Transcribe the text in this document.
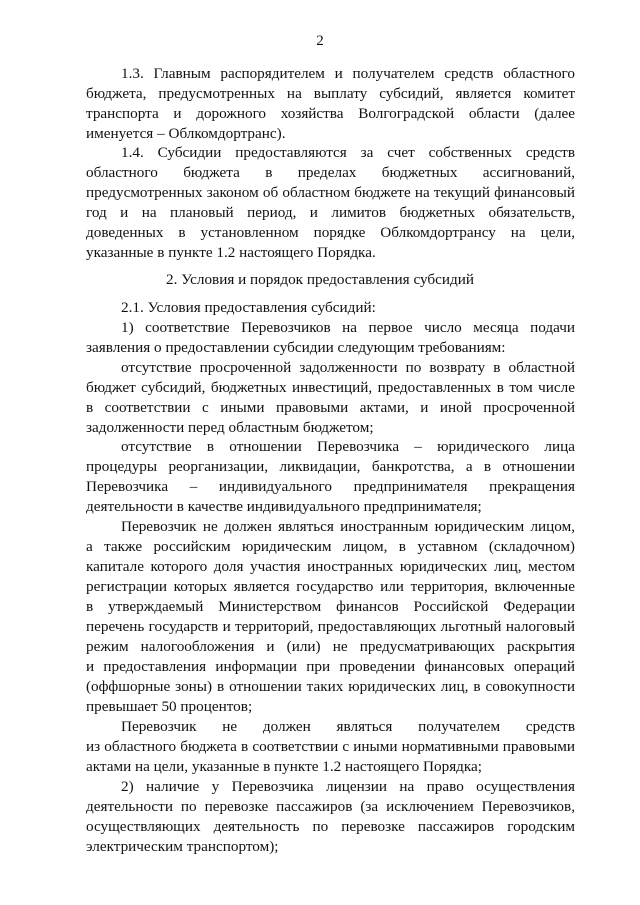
2
1.3. Главным распорядителем и получателем средств областного
бюджета, предусмотренных на выплату субсидий, является комитет
транспорта и дорожного хозяйства Волгоградской области (далее
именуется – Облкомдортранс).
1.4. Субсидии предоставляются за счет собственных средств
областного бюджета в пределах бюджетных ассигнований,
предусмотренных законом об областном бюджете на текущий финансовый
год и на плановый период, и лимитов бюджетных обязательств,
доведенных в установленном порядке Облкомдортрансу на цели,
указанные в пункте 1.2 настоящего Порядка.
2. Условия и порядок предоставления субсидий
2.1. Условия предоставления субсидий:
1) соответствие Перевозчиков на первое число месяца подачи
заявления о предоставлении субсидии следующим требованиям:
отсутствие просроченной задолженности по возврату в областной
бюджет субсидий, бюджетных инвестиций, предоставленных в том числе
в соответствии с иными правовыми актами, и иной просроченной
задолженности перед областным бюджетом;
отсутствие в отношении Перевозчика – юридического лица
процедуры реорганизации, ликвидации, банкротства, а в отношении
Перевозчика – индивидуального предпринимателя прекращения
деятельности в качестве индивидуального предпринимателя;
Перевозчик не должен являться иностранным юридическим лицом,
а также российским юридическим лицом, в уставном (складочном)
капитале которого доля участия иностранных юридических лиц, местом
регистрации которых является государство или территория, включенные
в утверждаемый Министерством финансов Российской Федерации
перечень государств и территорий, предоставляющих льготный налоговый
режим налогообложения и (или) не предусматривающих раскрытия
и предоставления информации при проведении финансовых операций
(оффшорные зоны) в отношении таких юридических лиц, в совокупности
превышает 50 процентов;
Перевозчик не должен являться получателем средств
из областного бюджета в соответствии с иными нормативными правовыми
актами на цели, указанные в пункте 1.2 настоящего Порядка;
2) наличие у Перевозчика лицензии на право осуществления
деятельности по перевозке пассажиров (за исключением Перевозчиков,
осуществляющих деятельность по перевозке пассажиров городским
электрическим транспортом);
